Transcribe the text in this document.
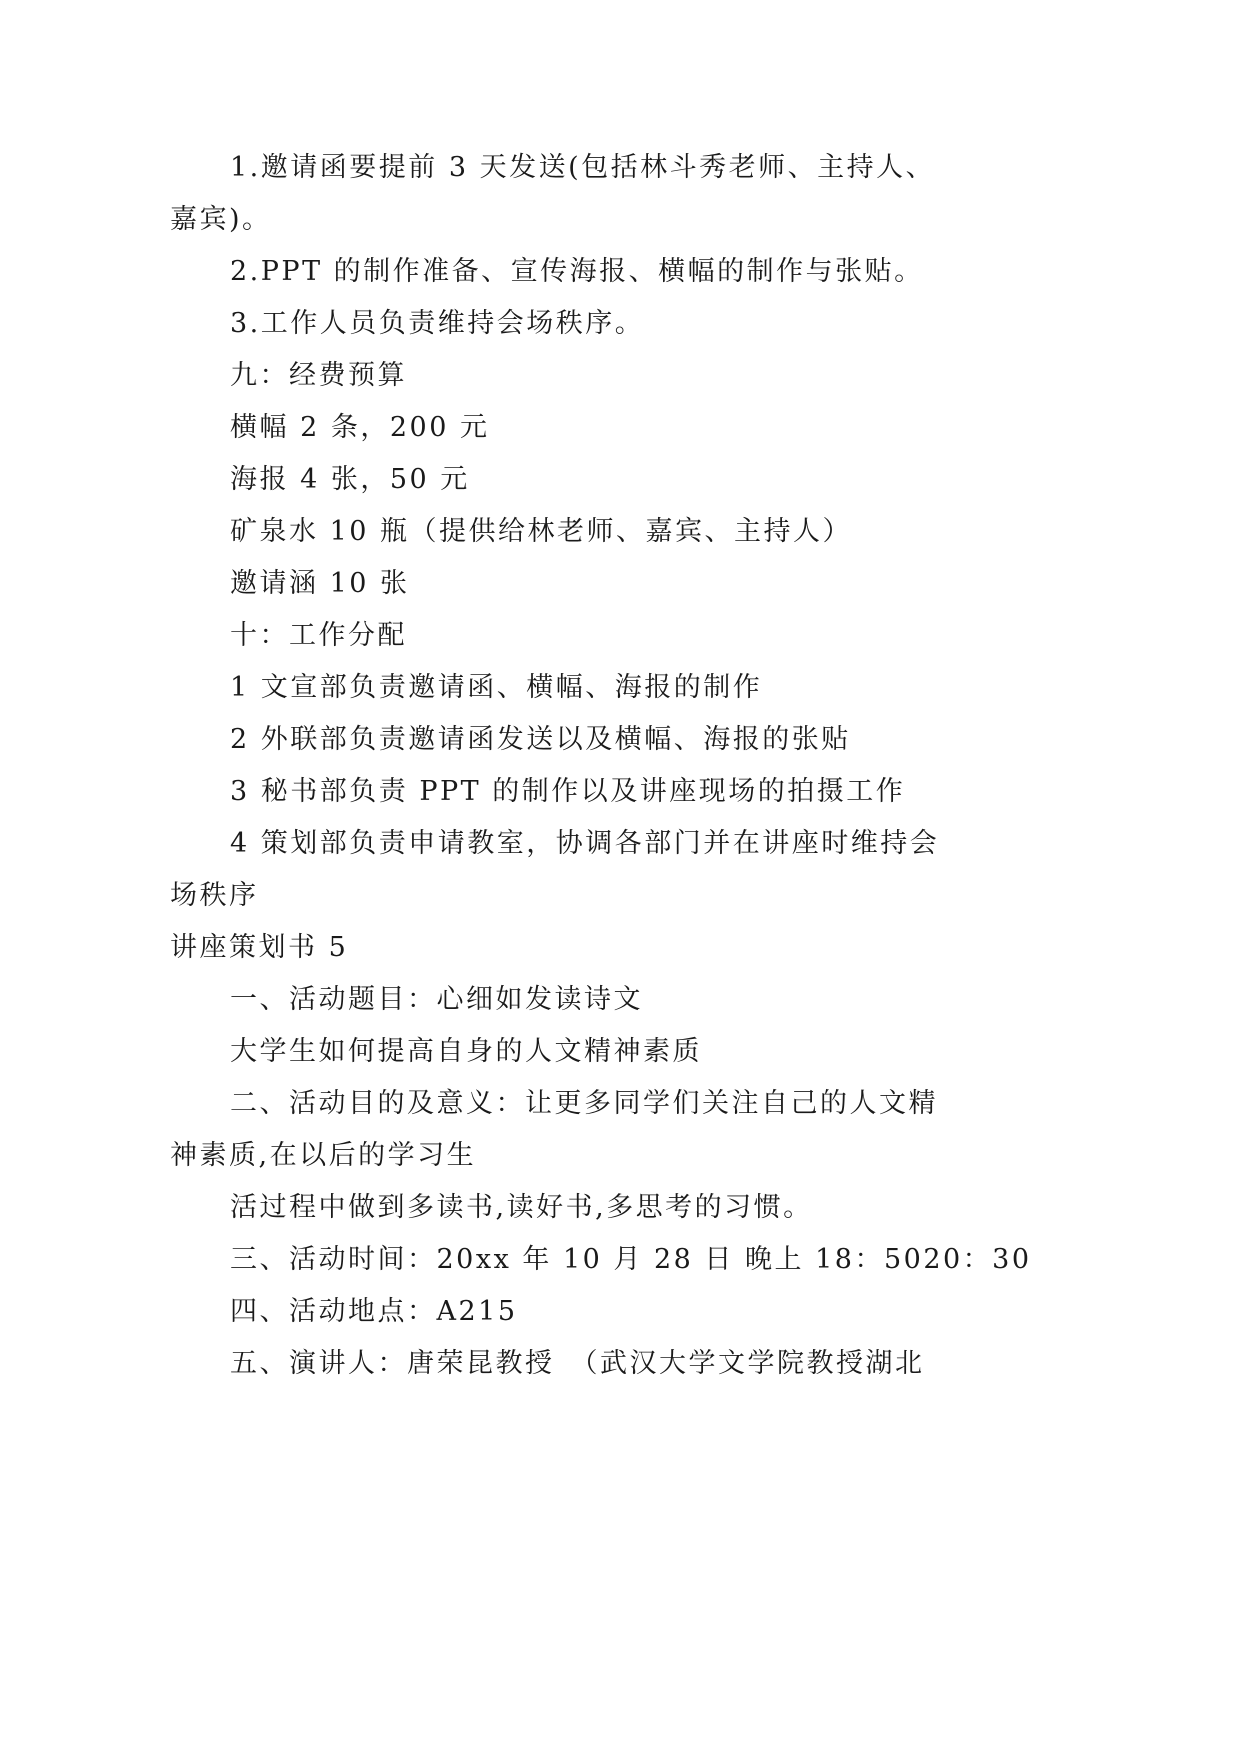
1.邀请函要提前 3 天发送(包括林斗秀老师、主持人、
嘉宾)。
2.PPT 的制作准备、宣传海报、横幅的制作与张贴。
3.工作人员负责维持会场秩序。
九：经费预算
横幅 2 条，200 元
海报 4 张，50 元
矿泉水 10 瓶（提供给林老师、嘉宾、主持人）
邀请涵 10 张
十：工作分配
1 文宣部负责邀请函、横幅、海报的制作
2 外联部负责邀请函发送以及横幅、海报的张贴
3 秘书部负责 PPT 的制作以及讲座现场的拍摄工作
4 策划部负责申请教室，协调各部门并在讲座时维持会
场秩序
讲座策划书 5
一、活动题目：心细如发读诗文
大学生如何提高自身的人文精神素质
二、活动目的及意义：让更多同学们关注自己的人文精
神素质,在以后的学习生
活过程中做到多读书,读好书,多思考的习惯。
三、活动时间：20xx 年 10 月 28 日 晚上 18：5020：30
四、活动地点：A215
五、演讲人：唐荣昆教授　（武汉大学文学院教授湖北
